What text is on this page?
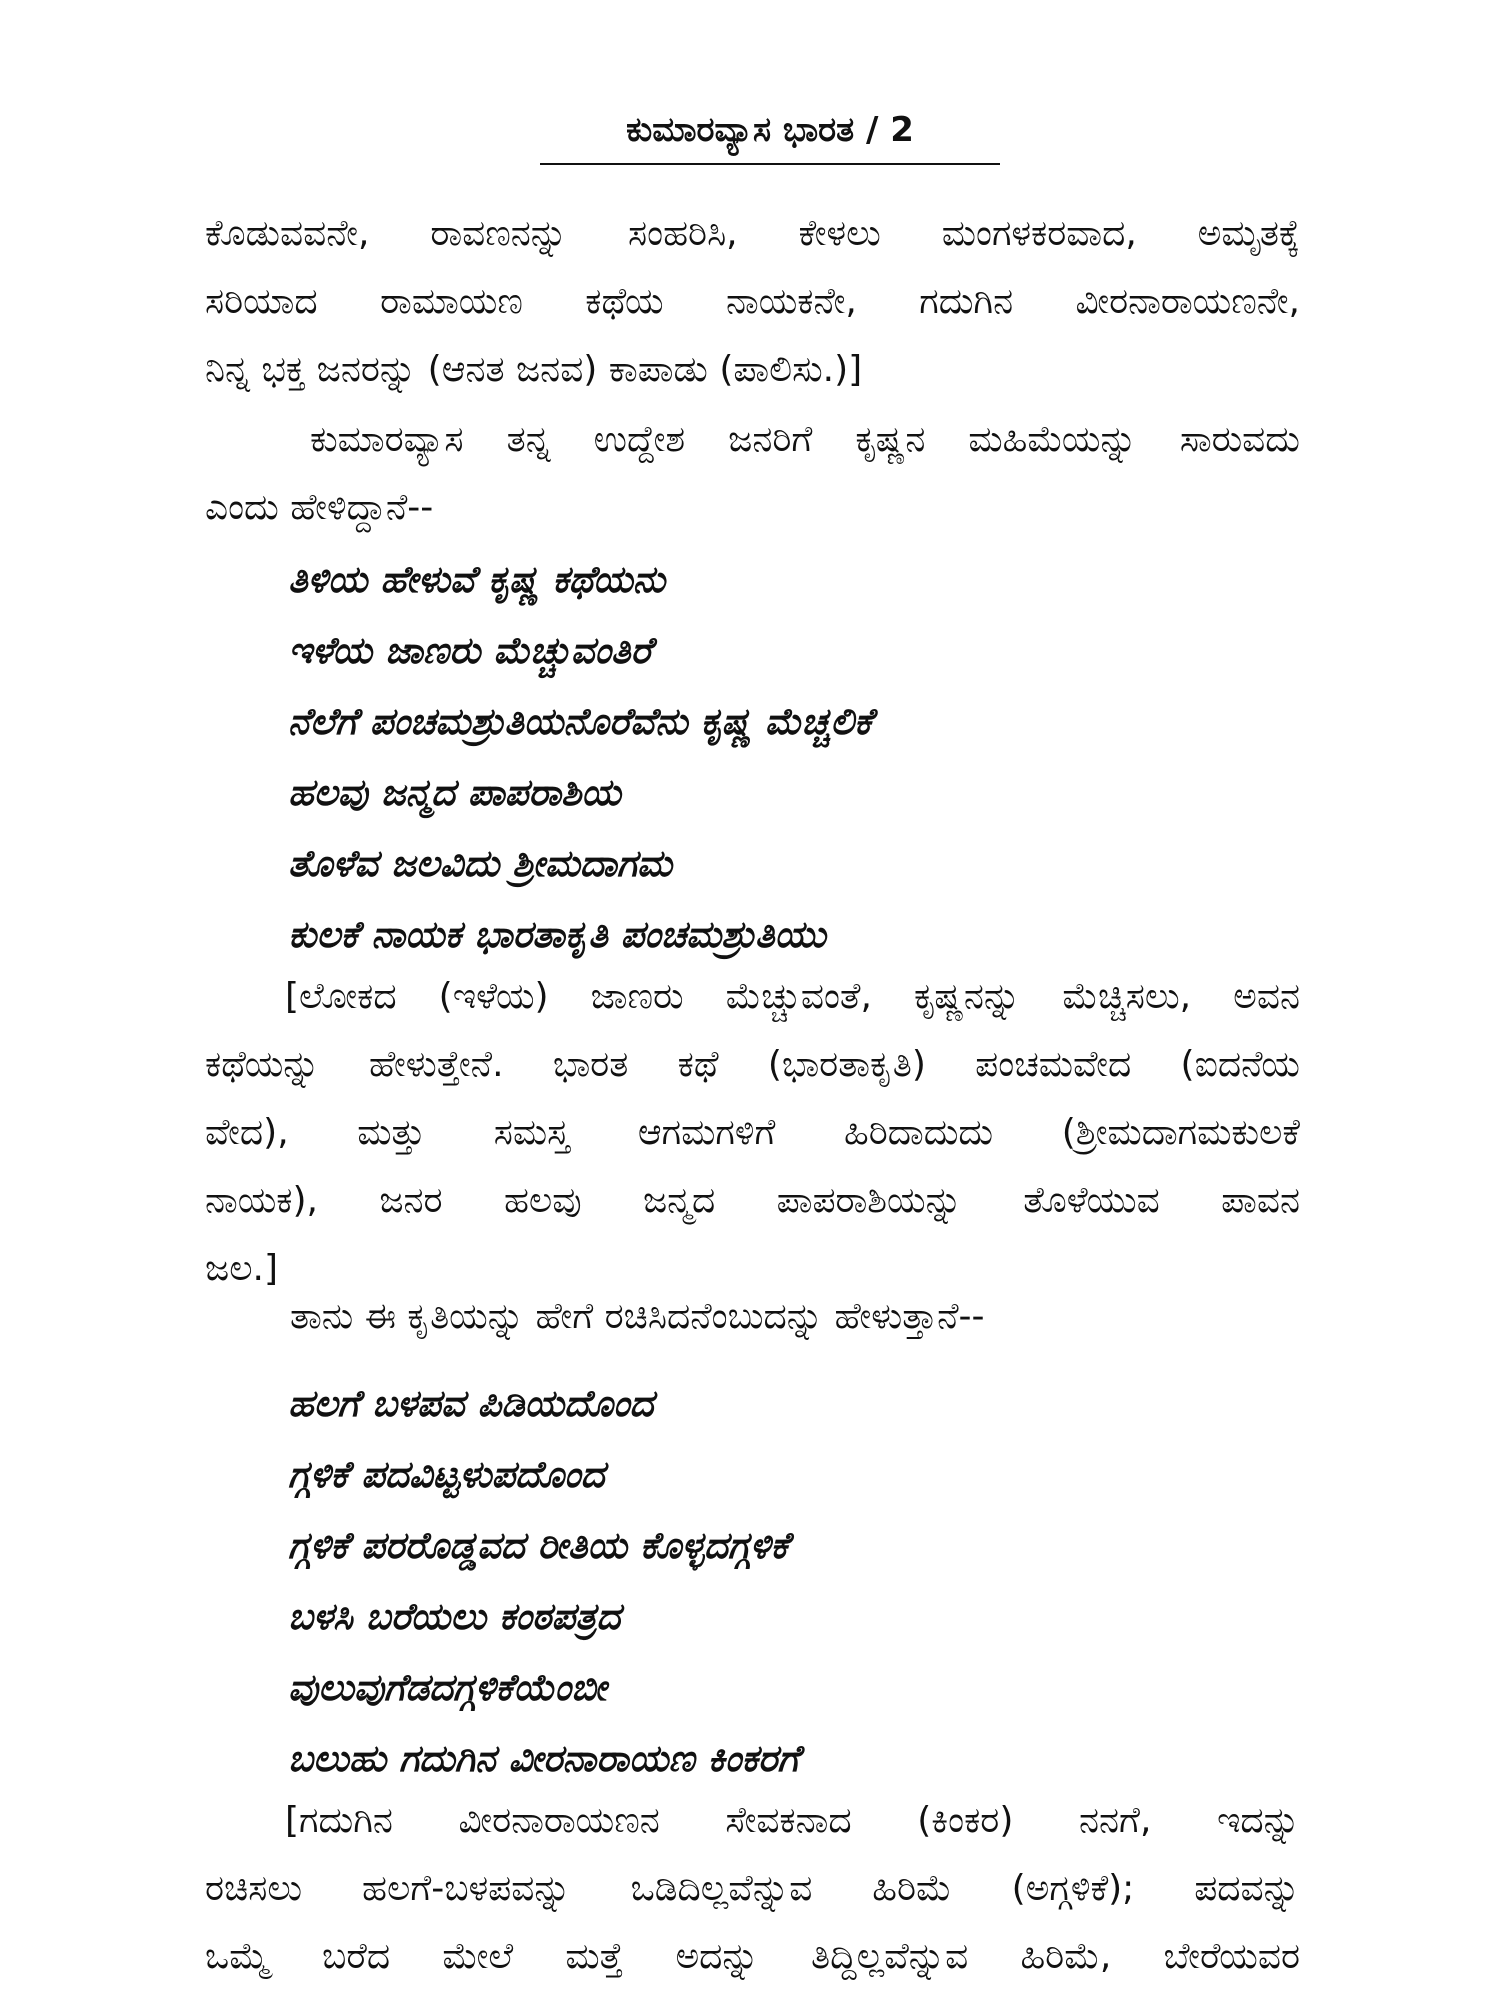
ಕುಮಾರವ್ಯಾಸ ಭಾರತ / 2

ಕೊಡುವವನೇ, ರಾವಣನನ್ನು ಸಂಹರಿಸಿ, ಕೇಳಲು ಮಂಗಳಕರವಾದ, ಅಮೃತಕ್ಕೆ
ಸರಿಯಾದ ರಾಮಾಯಣ ಕಥೆಯ ನಾಯಕನೇ, ಗದುಗಿನ ವೀರನಾರಾಯಣನೇ,
ನಿನ್ನ ಭಕ್ತ ಜನರನ್ನು (ಆನತ ಜನವ) ಕಾಪಾಡು (ಪಾಲಿಸು.)]

ಕುಮಾರವ್ಯಾಸ ತನ್ನ ಉದ್ದೇಶ ಜನರಿಗೆ ಕೃಷ್ಣನ ಮಹಿಮೆಯನ್ನು ಸಾರುವದು
ಎಂದು ಹೇಳಿದ್ದಾನೆ--

ತಿಳಿಯ ಹೇಳುವೆ ಕೃಷ್ಣ ಕಥೆಯನು
ಇಳೆಯ ಜಾಣರು ಮೆಚ್ಚುವಂತಿರೆ
ನೆಲೆಗೆ ಪಂಚಮಶ್ರುತಿಯನೊರೆವೆನು ಕೃಷ್ಣ ಮೆಚ್ಚಲಿಕೆ
ಹಲವು ಜನ್ಮದ ಪಾಪರಾಶಿಯ
ತೊಳೆವ ಜಲವಿದು ಶ್ರೀಮದಾಗಮ
ಕುಲಕೆ ನಾಯಕ ಭಾರತಾಕೃತಿ ಪಂಚಮಶ್ರುತಿಯು

[ಲೋಕದ (ಇಳೆಯ) ಜಾಣರು ಮೆಚ್ಚುವಂತೆ, ಕೃಷ್ಣನನ್ನು ಮೆಚ್ಚಿಸಲು, ಅವನ
ಕಥೆಯನ್ನು ಹೇಳುತ್ತೇನೆ. ಭಾರತ ಕಥೆ (ಭಾರತಾಕೃತಿ) ಪಂಚಮವೇದ (ಐದನೆಯ
ವೇದ), ಮತ್ತು ಸಮಸ್ತ ಆಗಮಗಳಿಗೆ ಹಿರಿದಾದುದು (ಶ್ರೀಮದಾಗಮಕುಲಕೆ
ನಾಯಕ), ಜನರ ಹಲವು ಜನ್ಮದ ಪಾಪರಾಶಿಯನ್ನು ತೊಳೆಯುವ ಪಾವನ
ಜಲ.]

ತಾನು ಈ ಕೃತಿಯನ್ನು ಹೇಗೆ ರಚಿಸಿದನೆಂಬುದನ್ನು ಹೇಳುತ್ತಾನೆ--

ಹಲಗೆ ಬಳಪವ ಪಿಡಿಯದೊಂದ
ಗ್ಗಳಿಕೆ ಪದವಿಟ್ಟಳುಪದೊಂದ
ಗ್ಗಳಿಕೆ ಪರರೊಡ್ಡವದ ರೀತಿಯ ಕೊಳ್ಳದಗ್ಗಳಿಕೆ
ಬಳಸಿ ಬರೆಯಲು ಕಂಠಪತ್ರದ
ವುಲುವುಗೆಡದಗ್ಗಳಿಕೆಯೆಂಬೀ
ಬಲುಹು ಗದುಗಿನ ವೀರನಾರಾಯಣ ಕಿಂಕರಗೆ

[ಗದುಗಿನ ವೀರನಾರಾಯಣನ ಸೇವಕನಾದ (ಕಿಂಕರ) ನನಗೆ, ಇದನ್ನು
ರಚಿಸಲು ಹಲಗೆ-ಬಳಪವನ್ನು ಒಡಿದಿಲ್ಲವೆನ್ನುವ ಹಿರಿಮೆ (ಅಗ್ಗಳಿಕೆ); ಪದವನ್ನು
ಒಮ್ಮೆ ಬರೆದ ಮೇಲೆ ಮತ್ತೆ ಅದನ್ನು ತಿದ್ದಿಲ್ಲವೆನ್ನುವ ಹಿರಿಮೆ, ಬೇರೆಯವರ
